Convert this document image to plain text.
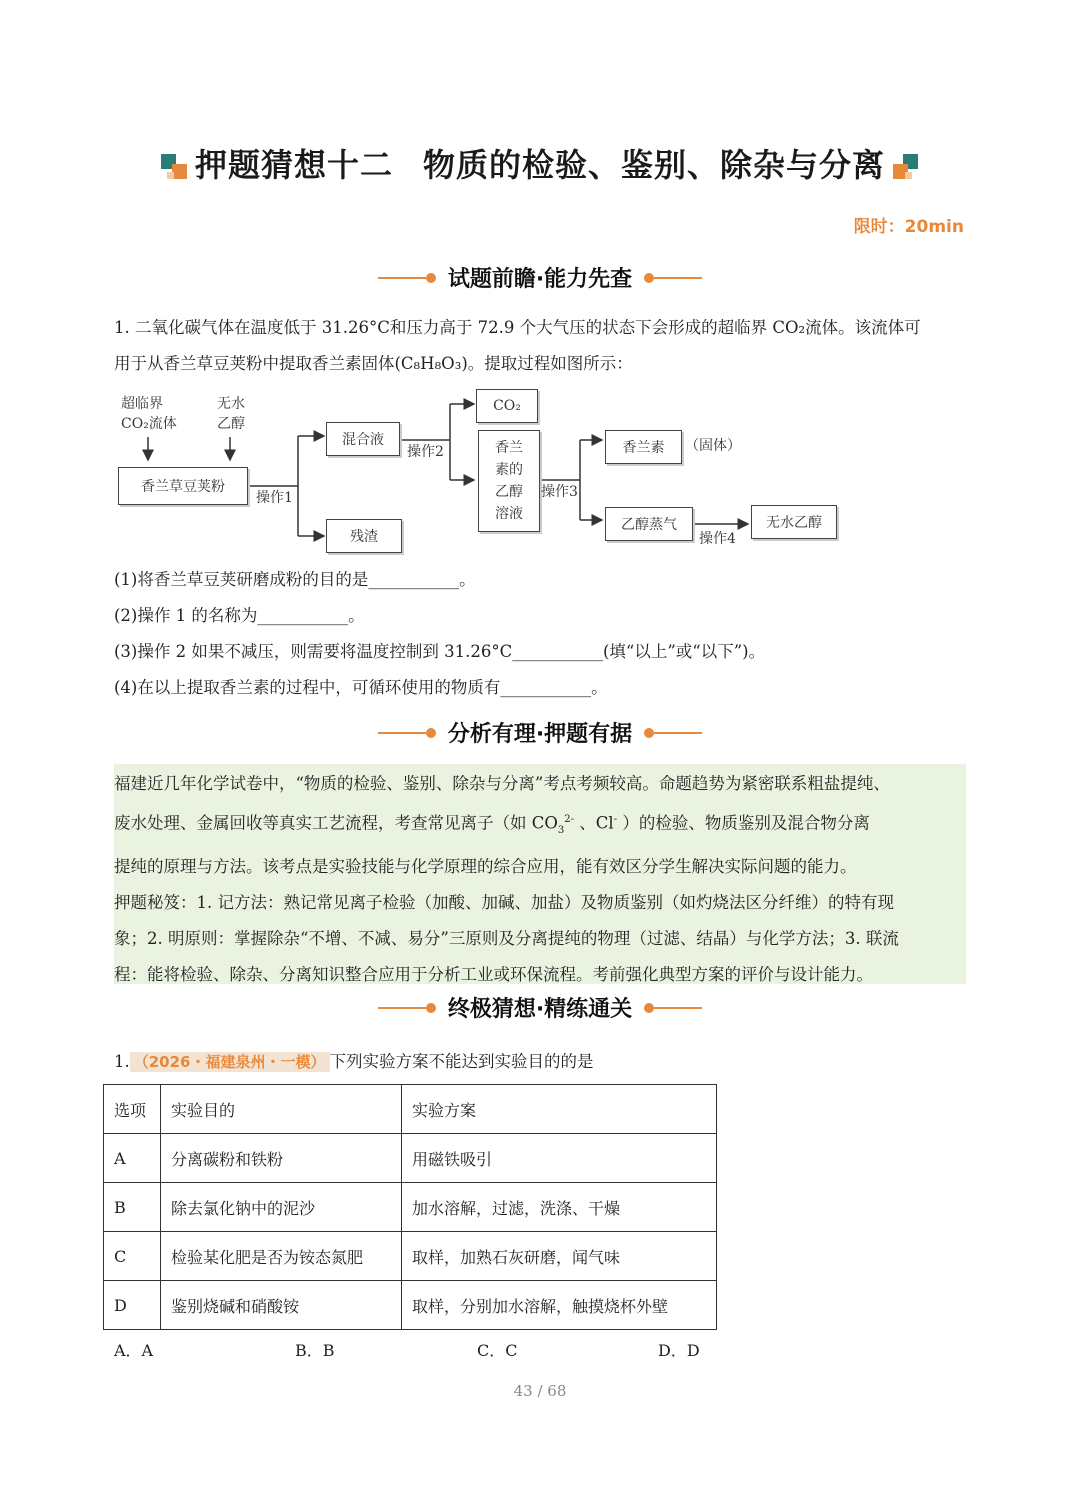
押题猜想十二 物质的检验、鉴别、除杂与分离
限时：20min
试题前瞻·能力先查
1. 二氧化碳气体在温度低于 31.26°C和压力高于 72.9 个大气压的状态下会形成的超临界 CO₂流体。该流体可
用于从香兰草豆荚粉中提取香兰素固体(C₈H₈O₃)。提取过程如图所示：
超临界
CO₂流体
无水
乙醇
香兰草豆荚粉
操作1
混合液
残渣
操作2
CO₂
香兰
素的
乙醇
溶液
操作3
香兰素	（固体）
乙醇蒸气
操作4
无水乙醇
(1)将香兰草豆荚研磨成粉的目的是___________。
(2)操作 1 的名称为___________。
(3)操作 2 如果不减压，则需要将温度控制到 31.26°C___________(填“以上”或“以下”)。
(4)在以上提取香兰素的过程中，可循环使用的物质有___________。
分析有理·押题有据
福建近几年化学试卷中，“物质的检验、鉴别、除杂与分离”考点考频较高。命题趋势为紧密联系粗盐提纯、
废水处理、金属回收等真实工艺流程，考查常见离子（如 $CO_3^{2-}$ 、Cl- ）的检验、物质鉴别及混合物分离
提纯的原理与方法。该考点是实验技能与化学原理的综合应用，能有效区分学生解决实际问题的能力。
押题秘笈：1. 记方法：熟记常见离子检验（加酸、加碱、加盐）及物质鉴别（如灼烧法区分纤维）的特有现
象；2. 明原则：掌握除杂“不增、不减、易分”三原则及分离提纯的物理（过滤、结晶）与化学方法；3. 联流
程：能将检验、除杂、分离知识整合应用于分析工业或环保流程。考前强化典型方案的评价与设计能力。
终极猜想·精练通关
1. （2026・福建泉州・一模） 下列实验方案不能达到实验目的的是
选项	实验目的	实验方案
A	分离碳粉和铁粉	用磁铁吸引
B	除去氯化钠中的泥沙	加水溶解，过滤，洗涤、干燥
C	检验某化肥是否为铵态氮肥	取样，加熟石灰研磨，闻气味
D	鉴别烧碱和硝酸铵	取样，分别加水溶解，触摸烧杯外壁
A．A	B．B	C．C	D．D
43 / 68
